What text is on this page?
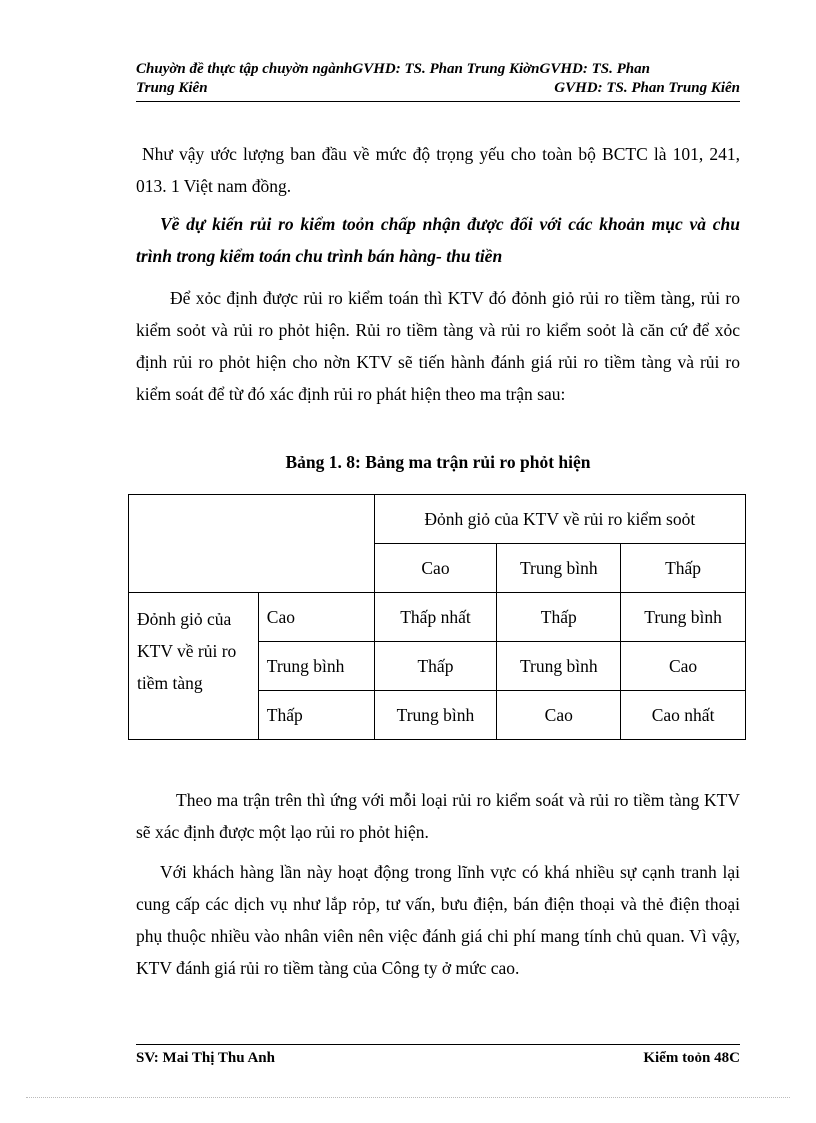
Chuyờn đề thực tập chuyờn ngànhGVHD: TS. Phan Trung KiờnGVHD: TS. Phan
Trung Kiên	GVHD: TS. Phan Trung Kiên
Như vậy ước lượng ban đầu về mức độ trọng yếu cho toàn bộ BCTC là 101, 241, 013. 1 Việt nam đồng.
Về dự kiến rủi ro kiểm toỏn chấp nhận được đối với các khoản mục và chu trình trong kiểm toán chu trình bán hàng- thu tiền
Để xỏc định được rủi ro kiểm toán thì KTV đó đỏnh giỏ rủi ro tiềm tàng, rủi ro kiểm soỏt và rủi ro phỏt hiện. Rủi ro tiềm tàng và rủi ro kiểm soỏt là căn cứ để xỏc định rủi ro phỏt hiện cho nờn KTV sẽ tiến hành đánh giá rủi ro tiềm tàng và rủi ro kiểm soát để từ đó xác định rủi ro phát hiện theo ma trận sau:
Bảng 1. 8: Bảng ma trận rủi ro phỏt hiện
		Đỏnh giỏ của KTV về rủi ro kiểm soỏt		
		Cao	Trung bình	Thấp
Đỏnh giỏ của KTV về rủi ro tiềm tàng	Cao	Thấp nhất	Thấp	Trung bình
	Trung bình	Thấp	Trung bình	Cao
	Thấp	Trung bình	Cao	Cao nhất
Theo ma trận trên thì ứng với mỗi loại rủi ro kiểm soát và rủi ro tiềm tàng KTV sẽ xác định được một lạo rủi ro phỏt hiện.
Với khách hàng lần này hoạt động trong lĩnh vực có khá nhiều sự cạnh tranh lại cung cấp các dịch vụ như lắp rỏp, tư vấn, bưu điện, bán điện thoại và thẻ điện thoại phụ thuộc nhiều vào nhân viên nên việc đánh giá chi phí mang tính chủ quan. Vì vậy, KTV đánh giá rủi ro tiềm tàng của Công ty ở mức cao.
SV: Mai Thị Thu Anh	Kiểm toỏn 48C
